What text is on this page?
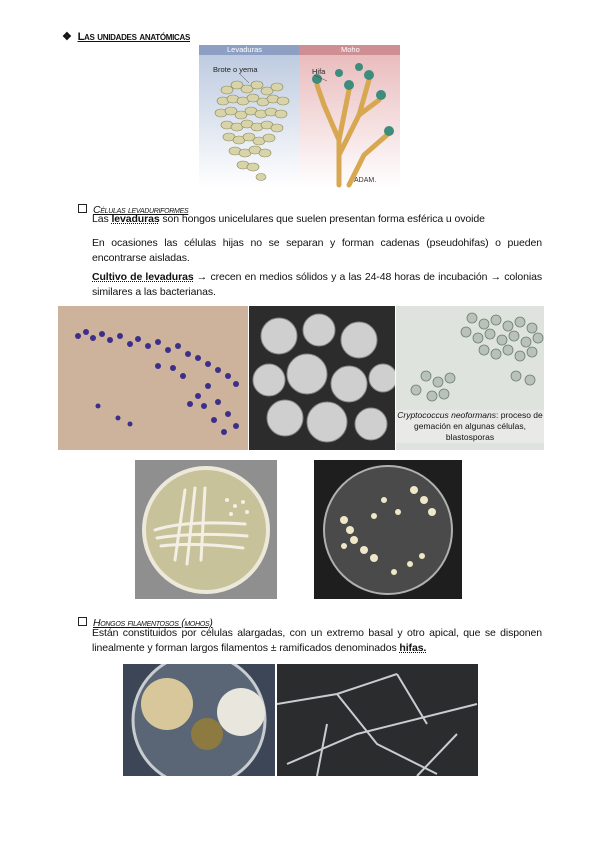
❖ Las unidades anatómicas
Levaduras	Moho
Brote o yema	Hifa
ADAM.
Células levaduriformes
Las levaduras son hongos unicelulares que suelen presentan forma esférica u ovoide
En ocasiones las células hijas no se separan y forman cadenas (pseudohifas) o pueden encontrarse aisladas.
Cultivo de levaduras → crecen en medios sólidos y a las 24-48 horas de incubación → colonias similares a las bacterianas.
Cryptococcus neoformans: proceso de gemación en algunas células, blastosporas
Hongos filamentosos (mohos)
Están constituidos por células alargadas, con un extremo basal y otro apical, que se disponen linealmente y forman largos filamentos ± ramificados denominados hifas.
